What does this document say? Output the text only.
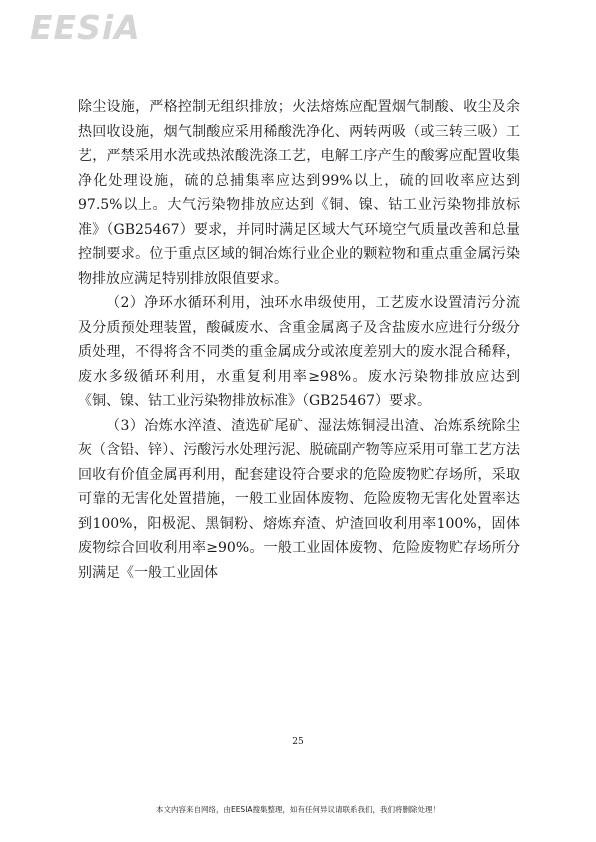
EESiA

除尘设施，严格控制无组织排放；火法熔炼应配置烟气制酸、收尘及余热回收设施，烟气制酸应采用稀酸洗净化、两转两吸（或三转三吸）工艺，严禁采用水洗或热浓酸洗涤工艺，电解工序产生的酸雾应配置收集净化处理设施，硫的总捕集率应达到99%以上，硫的回收率应达到97.5%以上。大气污染物排放应达到《铜、镍、钴工业污染物排放标准》（GB25467）要求，并同时满足区域大气环境空气质量改善和总量控制要求。位于重点区域的铜冶炼行业企业的颗粒物和重点重金属污染物排放应满足特别排放限值要求。

（2）净环水循环利用，浊环水串级使用，工艺废水设置清污分流及分质预处理装置，酸碱废水、含重金属离子及含盐废水应进行分级分质处理，不得将含不同类的重金属成分或浓度差别大的废水混合稀释，废水多级循环利用，水重复利用率≥98%。废水污染物排放应达到《铜、镍、钴工业污染物排放标准》（GB25467）要求。

（3）冶炼水淬渣、渣选矿尾矿、湿法炼铜浸出渣、冶炼系统除尘灰（含铅、锌）、污酸污水处理污泥、脱硫副产物等应采用可靠工艺方法回收有价值金属再利用，配套建设符合要求的危险废物贮存场所，采取可靠的无害化处置措施，一般工业固体废物、危险废物无害化处置率达到100%，阳极泥、黑铜粉、熔炼弃渣、炉渣回收利用率100%，固体废物综合回收利用率≥90%。一般工业固体废物、危险废物贮存场所分别满足《一般工业固体

25
本文内容来自网络，由EESIA搜集整理，如有任何异议请联系我们，我们将删除处理！
